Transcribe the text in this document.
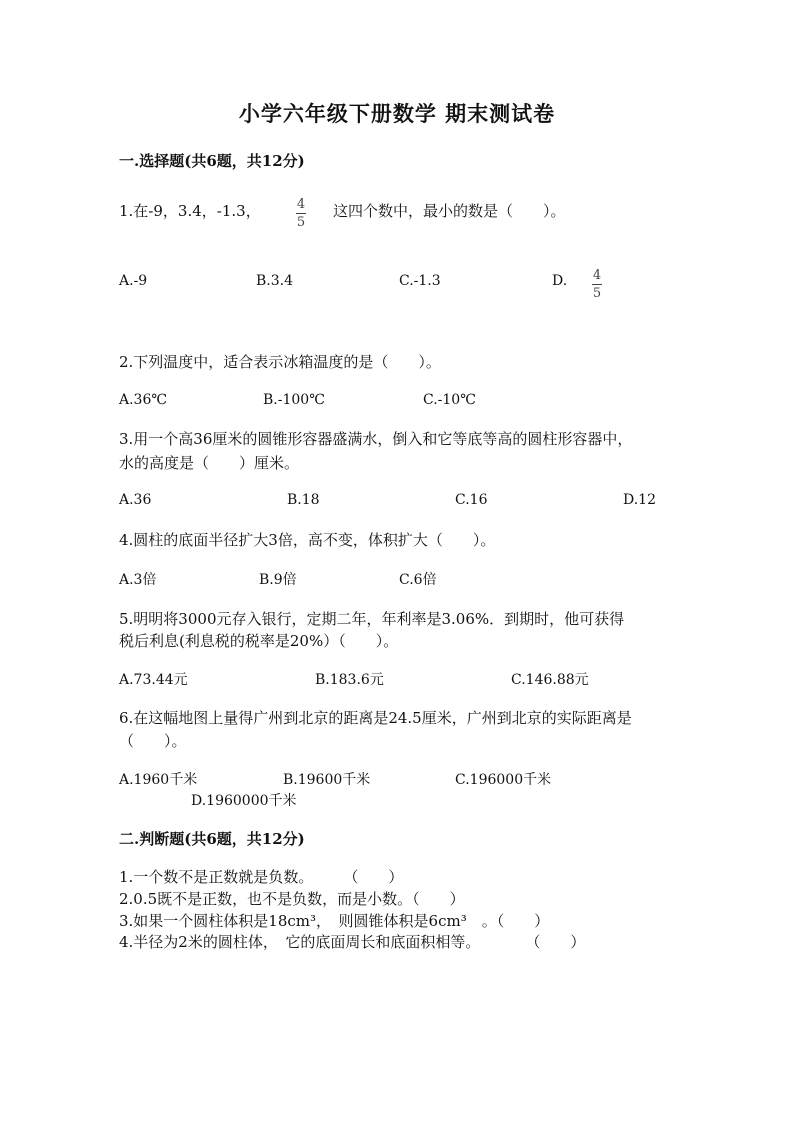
小学六年级下册数学 期末测试卷
一.选择题(共6题，共12分)
1.在-9，3.4，-1.3，	4
5
这四个数中，最小的数是（　　）。
A.-9	B.3.4	C.-1.3	D. 4
5
2.下列温度中，适合表示冰箱温度的是（　　）。
A.36℃	B.-100℃	C.-10℃
3.用一个高36厘米的圆锥形容器盛满水，倒入和它等底等高的圆柱形容器中，
水的高度是（　　）厘米。
A.36	B.18	C.16	D.12
4.圆柱的底面半径扩大3倍，高不变，体积扩大（　　）。
A.3倍	B.9倍	C.6倍
5.明明将3000元存入银行，定期二年，年利率是3.06%．到期时，他可获得
税后利息(利息税的税率是20%）（　　）。
A.73.44元	B.183.6元	C.146.88元
6.在这幅地图上量得广州到北京的距离是24.5厘米，广州到北京的实际距离是
（　　）。
A.1960千米	B.19600千米	C.196000千米
D.1960000千米
二.判断题(共6题，共12分)
1.一个数不是正数就是负数。　　　（　　）
2.0.5既不是正数，也不是负数，而是小数。（　　）
3.如果一个圆柱体积是18cm³，　则圆锥体积是6cm³　。（　　）
4.半径为2米的圆柱体，　它的底面周长和底面积相等。　　　　（　　）
